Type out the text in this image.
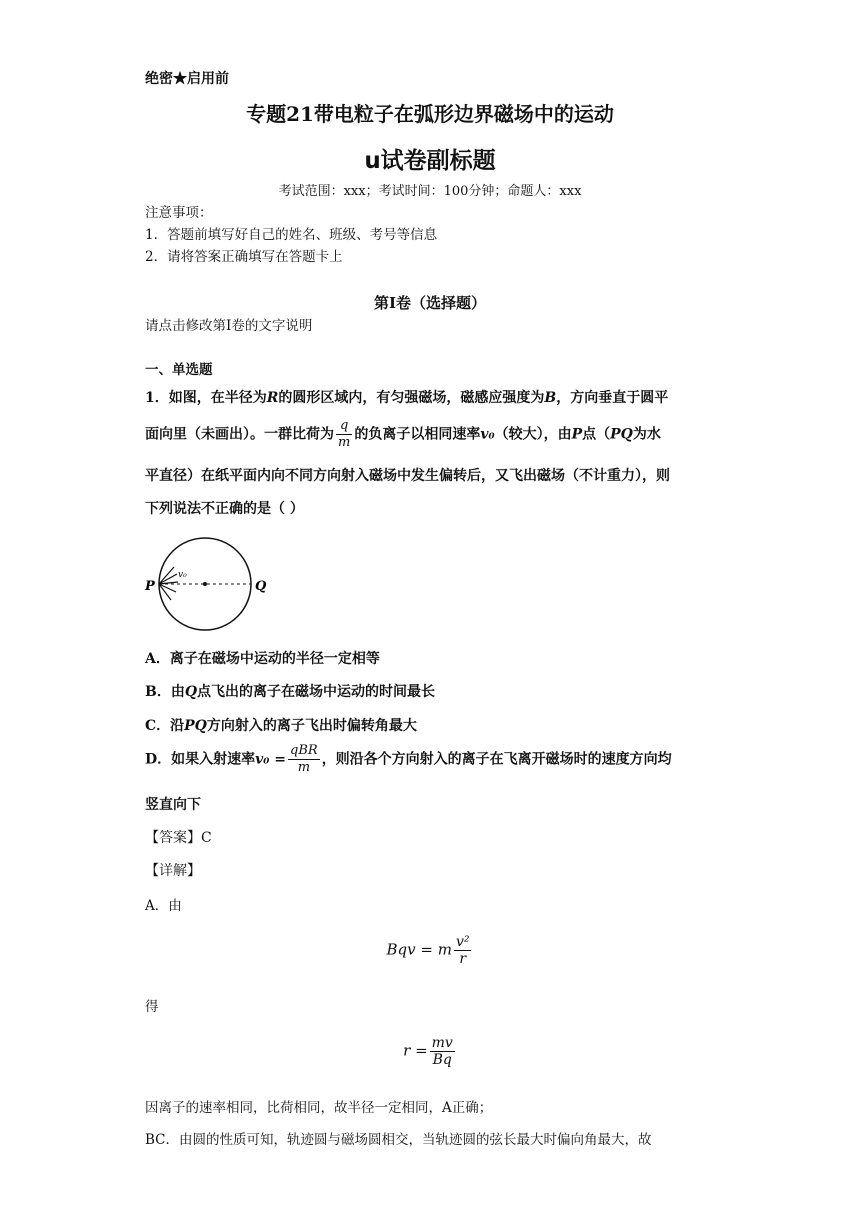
绝密★启用前
专题21带电粒子在弧形边界磁场中的运动
u试卷副标题
考试范围：xxx；考试时间：100分钟；命题人：xxx
注意事项：
1．答题前填写好自己的姓名、班级、考号等信息
2．请将答案正确填写在答题卡上
第I卷（选择题）
请点击修改第I卷的文字说明
一、单选题
1．如图，在半径为R的圆形区域内，有匀强磁场，磁感应强度为B，方向垂直于圆平
面向里（未画出）。一群比荷为 $\frac{q}{m}$ 的负离子以相同速率v₀（较大），由P点（PQ为水
平直径）在纸平面内向不同方向射入磁场中发生偏转后，又飞出磁场（不计重力），则
下列说法不正确的是（ ）
P	Q
v₀
A．离子在磁场中运动的半径一定相等
B．由Q点飞出的离子在磁场中运动的时间最长
C．沿PQ方向射入的离子飞出时偏转角最大
D．如果入射速率$v_0 = \frac{\text{qBR}}{m}$ ，则沿各个方向射入的离子在飞离开磁场时的速度方向均
竖直向下
【答案】C
【详解】
A．由
Bqv = m $\frac{\text{v²}}{r}$
得
$r = \frac{mv}{Bq}$
因离子的速率相同，比荷相同，故半径一定相同，A正确；
BC．由圆的性质可知，轨迹圆与磁场圆相交，当轨迹圆的弦长最大时偏向角最大，故
